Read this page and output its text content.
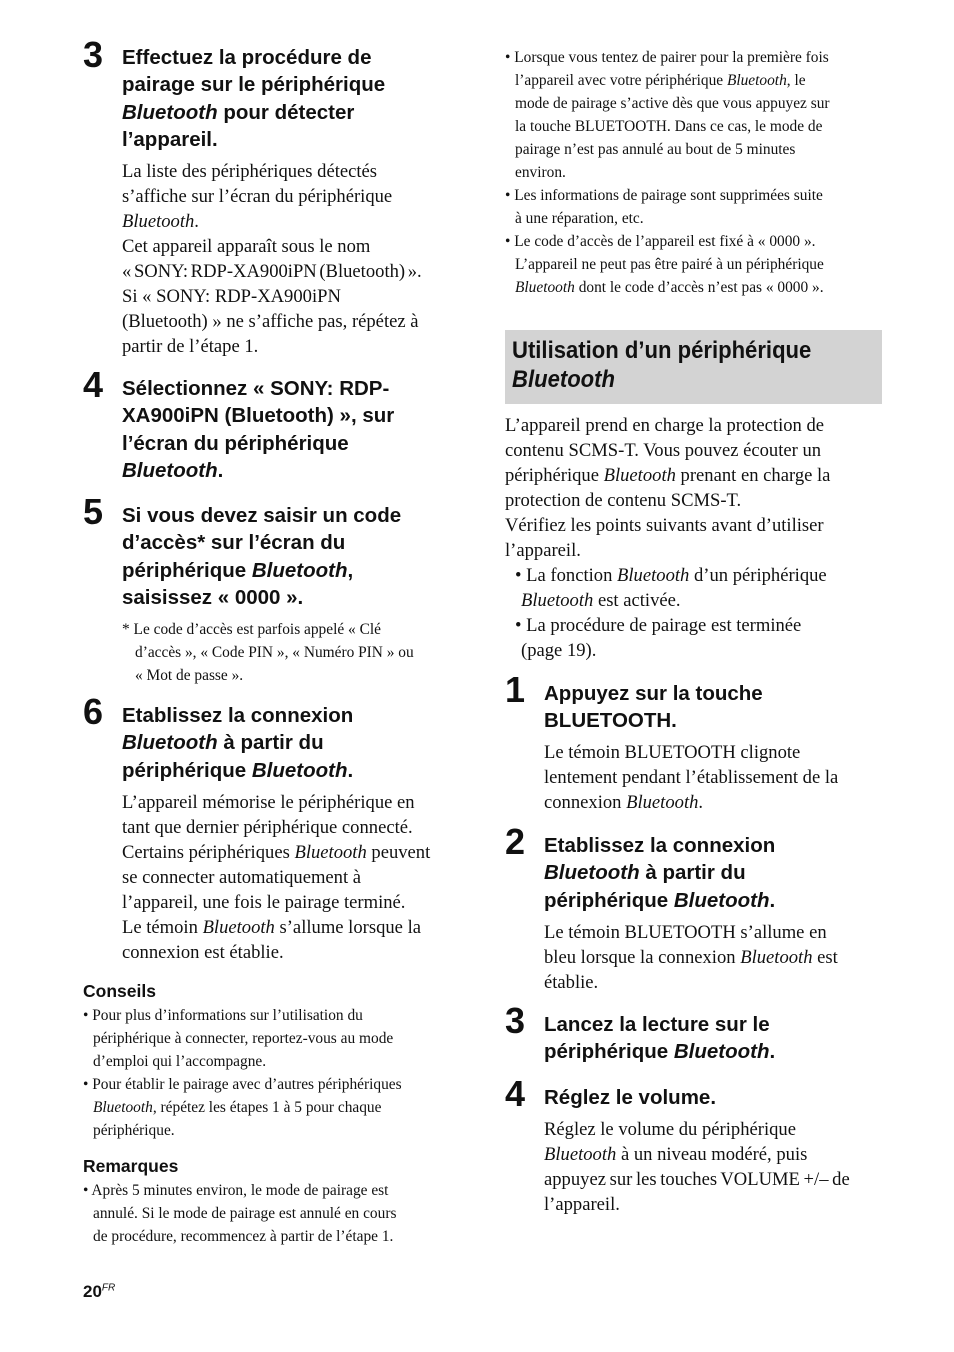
3 Effectuez la procédure de
pairage sur le périphérique
Bluetooth pour détecter
l’appareil.
La liste des périphériques détectés
s’affiche sur l’écran du périphérique
Bluetooth.
Cet appareil apparaît sous le nom
« SONY: RDP-XA900iPN (Bluetooth) ».
Si « SONY: RDP-XA900iPN
(Bluetooth) » ne s’affiche pas, répétez à
partir de l’étape 1.
4 Sélectionnez « SONY: RDP-
XA900iPN (Bluetooth) », sur
l’écran du périphérique
Bluetooth.
5 Si vous devez saisir un code
d’accès* sur l’écran du
périphérique Bluetooth,
saisissez « 0000 ».
* Le code d’accès est parfois appelé « Clé
d’accès », « Code PIN », « Numéro PIN » ou
« Mot de passe ».
6 Etablissez la connexion
Bluetooth à partir du
périphérique Bluetooth.
L’appareil mémorise le périphérique en
tant que dernier périphérique connecté.
Certains périphériques Bluetooth peuvent
se connecter automatiquement à
l’appareil, une fois le pairage terminé.
Le témoin Bluetooth s’allume lorsque la
connexion est établie.
Conseils
• Pour plus d’informations sur l’utilisation du
périphérique à connecter, reportez-vous au mode
d’emploi qui l’accompagne.
• Pour établir le pairage avec d’autres périphériques
Bluetooth, répétez les étapes 1 à 5 pour chaque
périphérique.
Remarques
• Après 5 minutes environ, le mode de pairage est
annulé. Si le mode de pairage est annulé en cours
de procédure, recommencez à partir de l’étape 1.
• Lorsque vous tentez de pairer pour la première fois
l’appareil avec votre périphérique Bluetooth, le
mode de pairage s’active dès que vous appuyez sur
la touche BLUETOOTH. Dans ce cas, le mode de
pairage n’est pas annulé au bout de 5 minutes
environ.
• Les informations de pairage sont supprimées suite
à une réparation, etc.
• Le code d’accès de l’appareil est fixé à « 0000 ».
L’appareil ne peut pas être pairé à un périphérique
Bluetooth dont le code d’accès n’est pas « 0000 ».
Utilisation d’un périphérique
Bluetooth
L’appareil prend en charge la protection de
contenu SCMS-T. Vous pouvez écouter un
périphérique Bluetooth prenant en charge la
protection de contenu SCMS-T.
Vérifiez les points suivants avant d’utiliser
l’appareil.
• La fonction Bluetooth d’un périphérique
Bluetooth est activée.
• La procédure de pairage est terminée
(page 19).
1 Appuyez sur la touche
BLUETOOTH.
Le témoin BLUETOOTH clignote
lentement pendant l’établissement de la
connexion Bluetooth.
2 Etablissez la connexion
Bluetooth à partir du
périphérique Bluetooth.
Le témoin BLUETOOTH s’allume en
bleu lorsque la connexion Bluetooth est
établie.
3 Lancez la lecture sur le
périphérique Bluetooth.
4 Réglez le volume.
Réglez le volume du périphérique
Bluetooth à un niveau modéré, puis
appuyez sur les touches VOLUME +/– de
l’appareil.
$20^{FR}$
